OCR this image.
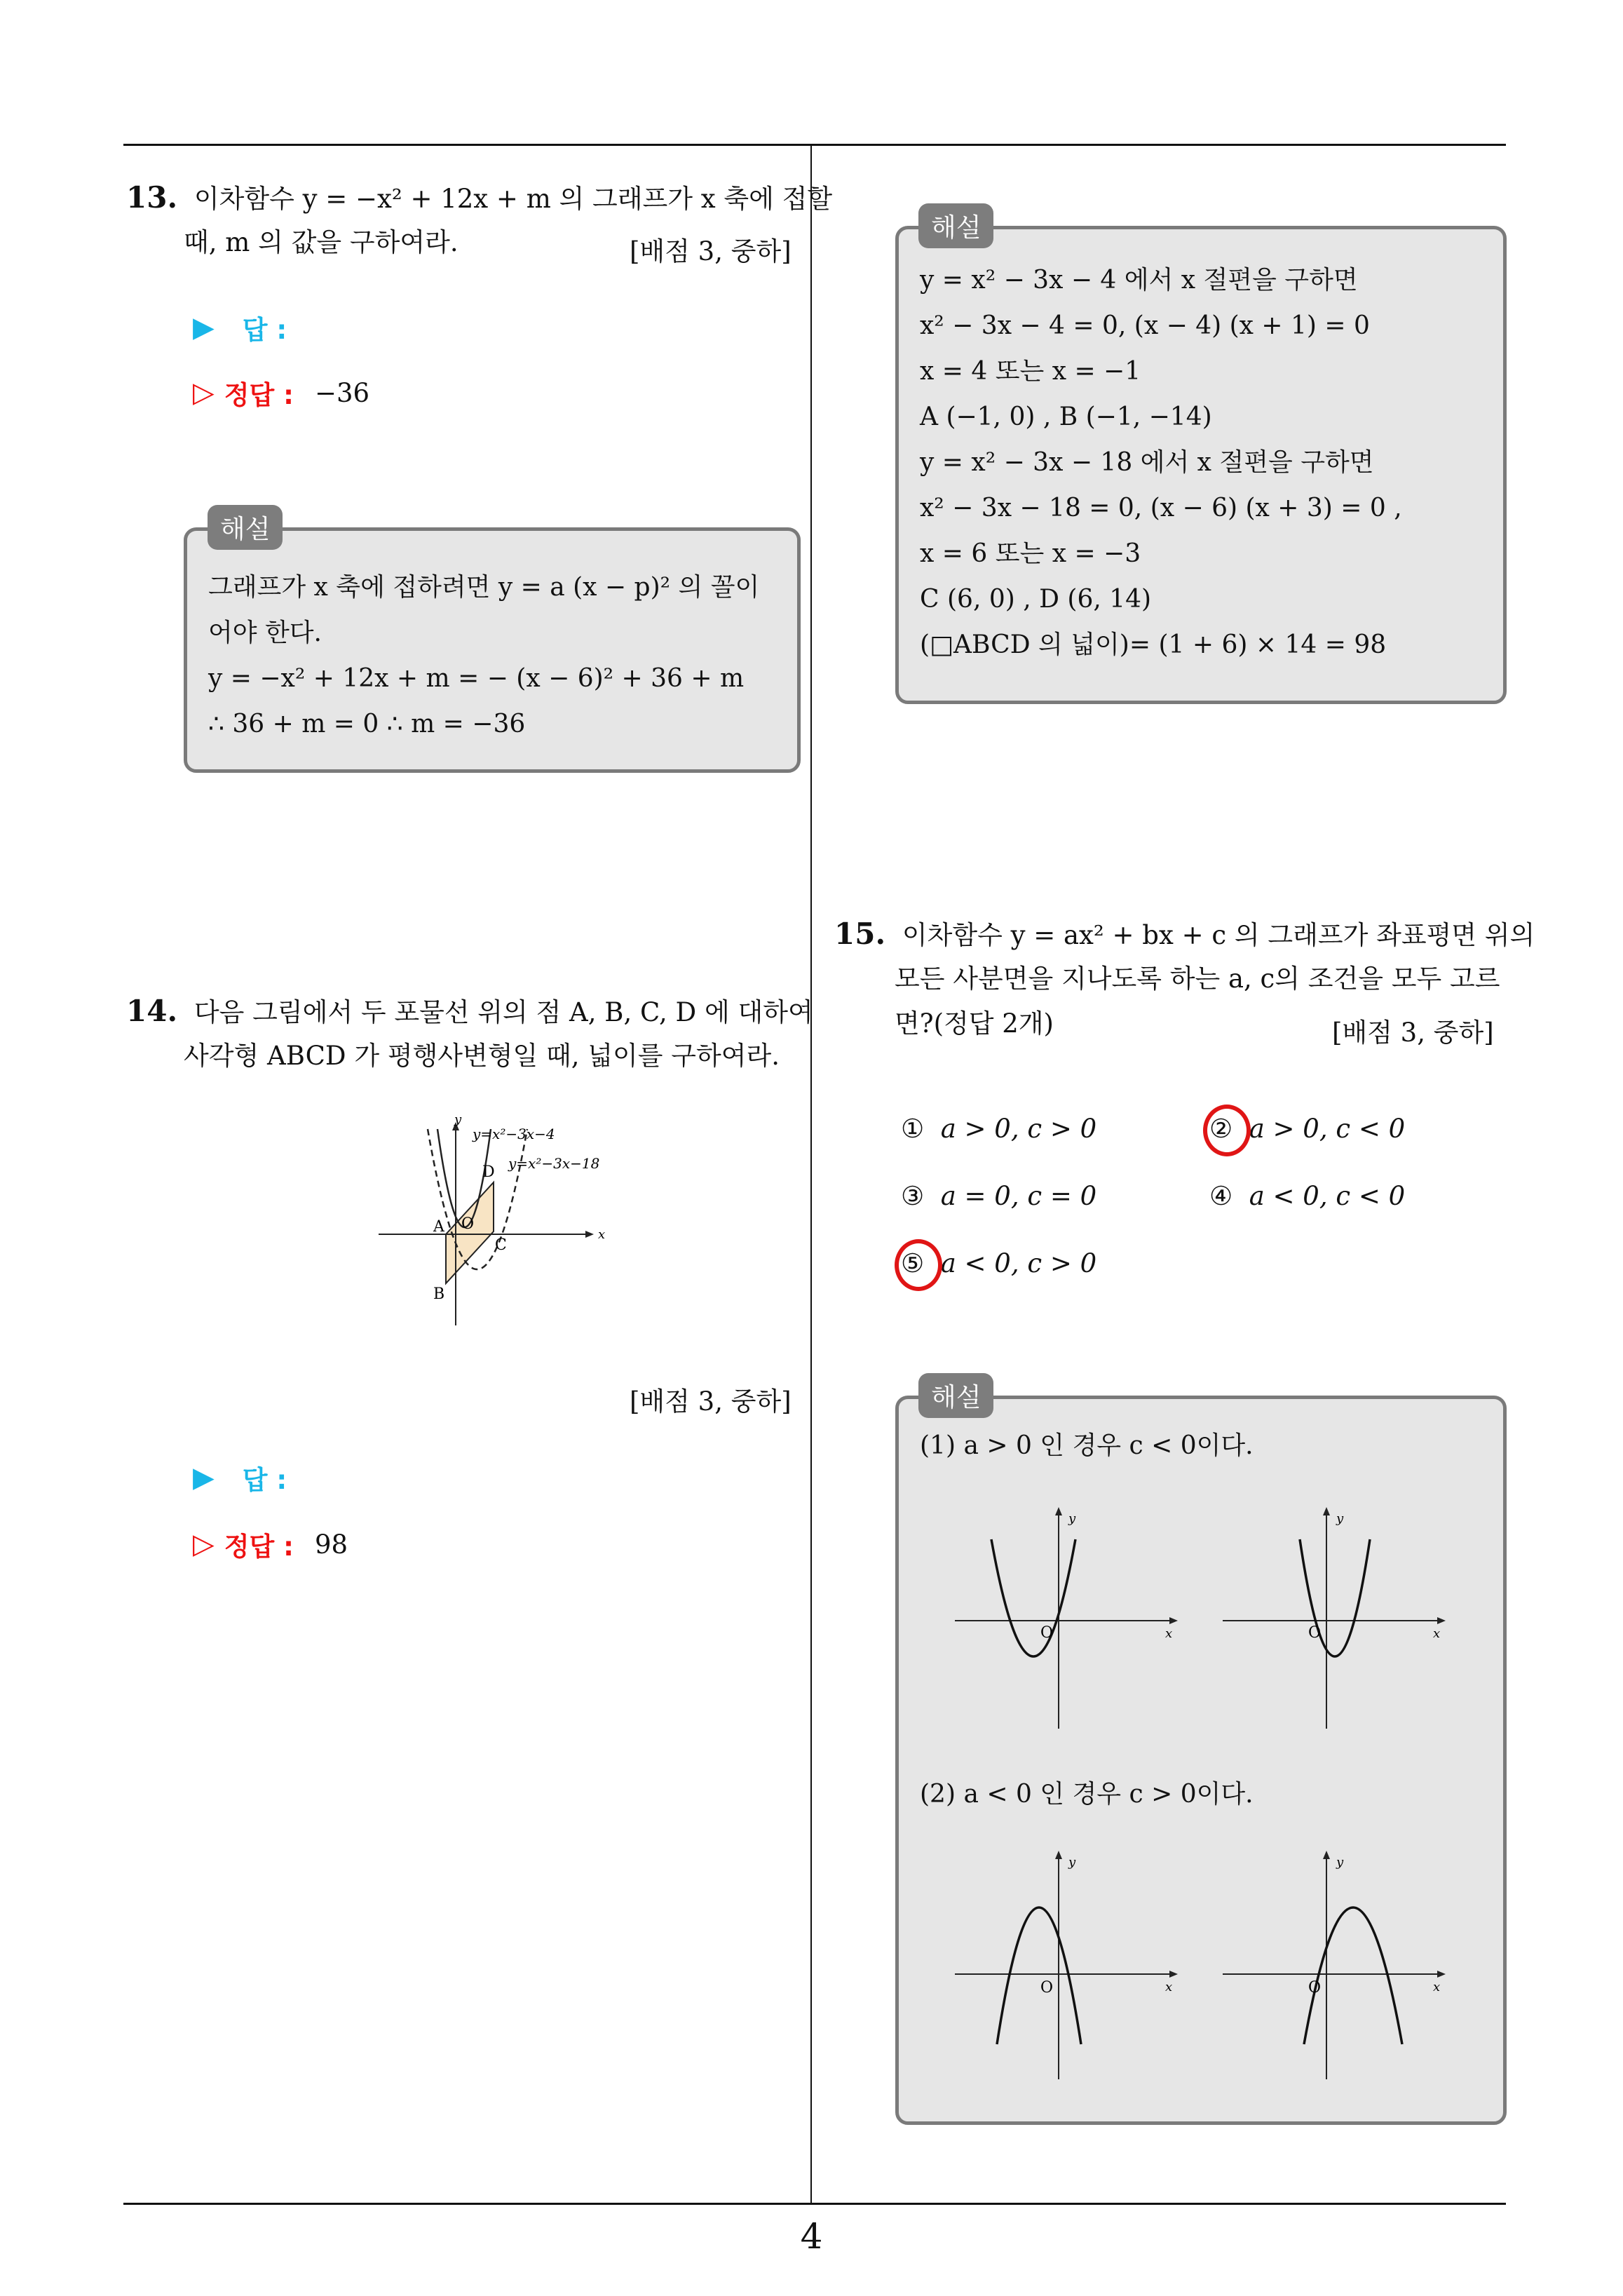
13. 이차함수 y = −x² + 12x + m 의 그래프가 x 축에 접할
때, m 의 값을 구하여라.	[배점 3, 중하]
▶ 답 :
▷ 정답 : −36
그래프가 x 축에 접하려면 y = a (x − p)² 의 꼴이
어야 한다.
y = −x² + 12x + m = − (x − 6)² + 36 + m
∴ 36 + m = 0 ∴ m = −36
해설
14. 다음 그림에서 두 포물선 위의 점 A, B, C, D 에 대하여
사각형 ABCD 가 평행사변형일 때, 넓이를 구하여라.
y
x
y=x²−3x−4
y=x²−3x−18
D
A O
C
B
[배점 3, 중하]
▶ 답 :
▷ 정답 : 98
y = x² − 3x − 4 에서 x 절편을 구하면
x² − 3x − 4 = 0, (x − 4) (x + 1) = 0
x = 4 또는 x = −1
A (−1, 0) , B (−1, −14)
y = x² − 3x − 18 에서 x 절편을 구하면
x² − 3x − 18 = 0, (x − 6) (x + 3) = 0 ,
x = 6 또는 x = −3
C (6, 0) , D (6, 14)
(□ABCD 의 넓이)= (1 + 6) × 14 = 98
해설
15. 이차함수 y = ax² + bx + c 의 그래프가 좌표평면 위의
모든 사분면을 지나도록 하는 a, c의 조건을 모두 고르
면?(정답 2개)	[배점 3, 중하]
① a > 0, c > 0	② a > 0, c < 0
③ a = 0, c = 0	④ a < 0, c < 0
⑤ a < 0, c > 0
(1) a > 0 인 경우 c < 0이다.
(2) a < 0 인 경우 c > 0이다.
y
x
O
y
x
O
y
x
O
y
x
O
해설
4
